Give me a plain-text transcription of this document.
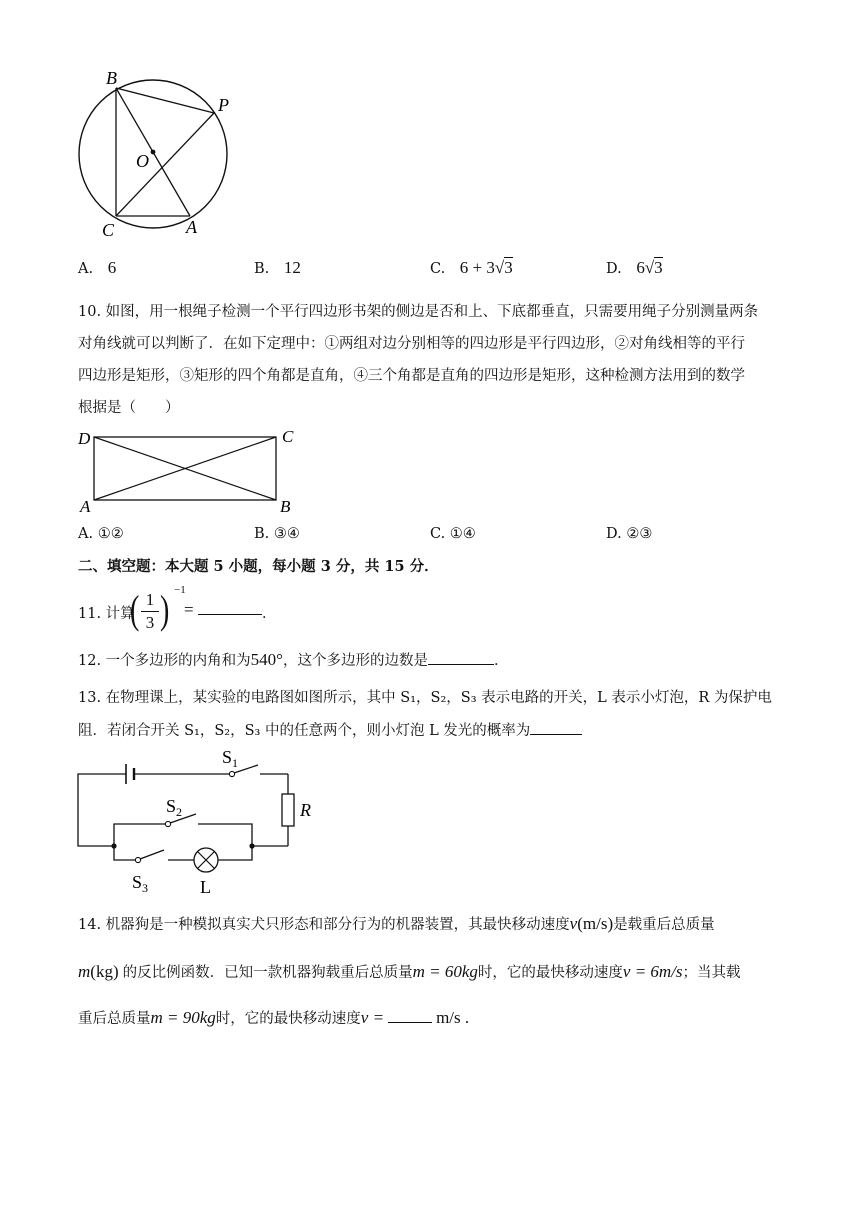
B
P
O
C	A
A. 6	B. 12	C. 6 + 3√3	D. 6√3
10. 如图，用一根绳子检测一个平行四边形书架的侧边是否和上、下底都垂直，只需要用绳子分别测量两条
对角线就可以判断了．在如下定理中：①两组对边分别相等的四边形是平行四边形，②对角线相等的平行
四边形是矩形，③矩形的四个角都是直角，④三个角都是直角的四边形是矩形，这种检测方法用到的数学
根据是（　　）
D	C
A	B
A. ①②	B. ③④	C. ①④	D. ②③
二、填空题：本大题 5 小题，每小题 3 分，共 15 分．
11. 计算
( 1
3 ) −1
=	．
12. 一个多边形的内角和为540°，这个多边形的边数是	．
13. 在物理课上，某实验的电路图如图所示，其中 S₁，S₂，S₃ 表示电路的开关，L 表示小灯泡，R 为保护电
阻．若闭合开关 S₁，S₂，S₃ 中的任意两个，则小灯泡 L 发光的概率为
$S_1$
$S_2$
$S_3$
R
L
14. 机器狗是一种模拟真实犬只形态和部分行为的机器装置，其最快移动速度v(m/s)是载重后总质量
m(kg) 的反比例函数．已知一款机器狗载重后总质量m = 60kg时，它的最快移动速度v = 6m/s；当其载
重后总质量m = 90kg时，它的最快移动速度v =	m/s .
